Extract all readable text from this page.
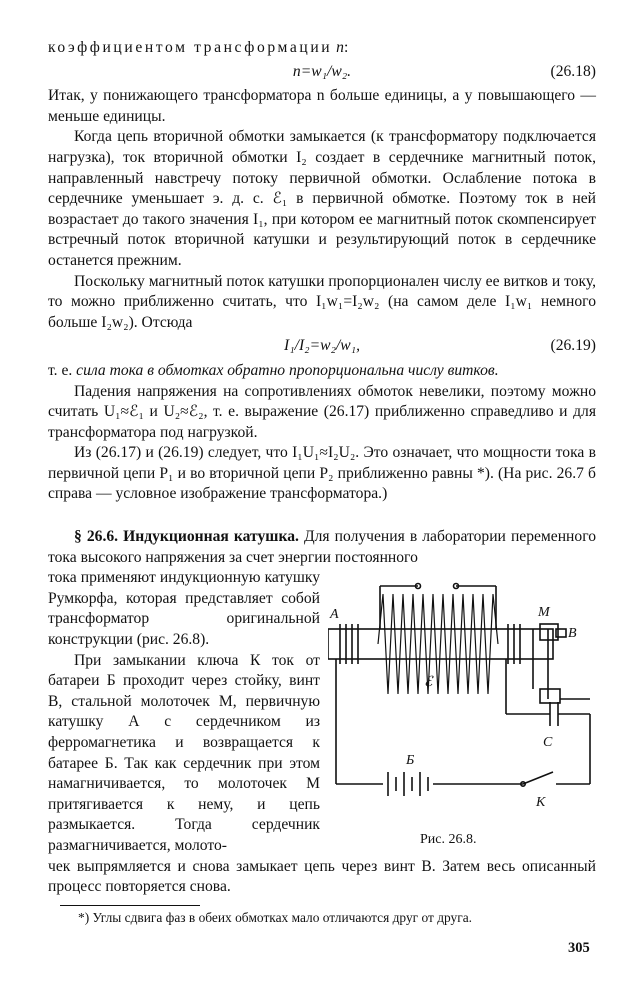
коэффициентом трансформации n:

n=w₁/w₂.	(26.18)

Итак, у понижающего трансформатора n больше единицы, а у повышающего — меньше единицы.

Когда цепь вторичной обмотки замыкается (к трансформатору подключается нагрузка), ток вторичной обмотки I₂ создает в сердечнике магнитный поток, направленный навстречу потоку первичной обмотки. Ослабление потока в сердечнике уменьшает э. д. с. ℰ₁ в первичной обмотке. Поэтому ток в ней возрастает до такого значения I₁, при котором ее магнитный поток скомпенсирует встречный поток вторичной катушки и результирующий поток в сердечнике останется прежним.

Поскольку магнитный поток катушки пропорционален числу ее витков и току, то можно приближенно считать, что I₁w₁=I₂w₂ (на самом деле I₁w₁ немного больше I₂w₂). Отсюда

I₁/I₂=w₂/w₁,	(26.19)

т. е. сила тока в обмотках обратно пропорциональна числу витков.

Падения напряжения на сопротивлениях обмоток невелики, поэтому можно считать U₁≈ℰ₁ и U₂≈ℰ₂, т. е. выражение (26.17) приближенно справедливо и для трансформатора под нагрузкой.

Из (26.17) и (26.19) следует, что I₁U₁≈I₂U₂. Это означает, что мощности тока в первичной цепи P₁ и во вторичной цепи P₂ приближенно равны *). (На рис. 26.7 б справа — условное изображение трансформатора.)

§ 26.6. Индукционная катушка. Для получения в лаборатории переменного тока высокого напряжения за счет энергии постоянного

тока применяют индукционную катушку Румкорфа, которая представляет собой трансформатор оригинальной конструкции (рис. 26.8).

При замыкании ключа К ток от батареи Б проходит через стойку, винт В, стальной молоточек М, первичную катушку А с сердечником из ферромагнетика и возвращается к батарее Б. Так как сердечник при этом намагничивается, то молоточек М притягивается к нему, и цепь размыкается. Тогда сердечник размагничивается, молото-

А	М
В
ℰ
С
Б
К
Рис. 26.8.

чек выпрямляется и снова замыкает цепь через винт В. Затем весь описанный процесс повторяется снова.

*) Углы сдвига фаз в обеих обмотках мало отличаются друг от друга.
305
